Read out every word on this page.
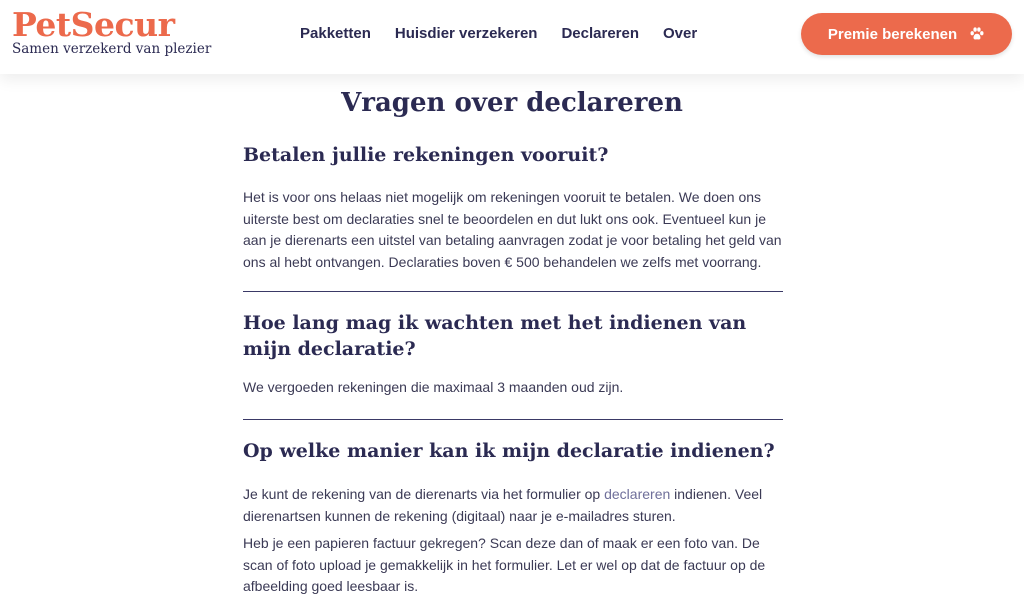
PetSecur
Samen verzekerd van plezier
Pakketten Huisdier verzekeren Declareren Over	Premie berekenen
Vragen over declareren
Betalen jullie rekeningen vooruit?

Het is voor ons helaas niet mogelijk om rekeningen vooruit te betalen. We doen ons uiterste best om declaraties snel te beoordelen en dut lukt ons ook. Eventueel kun je aan je dierenarts een uitstel van betaling aanvragen zodat je voor betaling het geld van ons al hebt ontvangen. Declaraties boven € 500 behandelen we zelfs met voorrang.

Hoe lang mag ik wachten met het indienen van mijn declaratie?

We vergoeden rekeningen die maximaal 3 maanden oud zijn.

Op welke manier kan ik mijn declaratie indienen?

Je kunt de rekening van de dierenarts via het formulier op declareren indienen. Veel dierenartsen kunnen de rekening (digitaal) naar je e-mailadres sturen.

Heb je een papieren factuur gekregen? Scan deze dan of maak er een foto van. De scan of foto upload je gemakkelijk in het formulier. Let er wel op dat de factuur op de afbeelding goed leesbaar is.
